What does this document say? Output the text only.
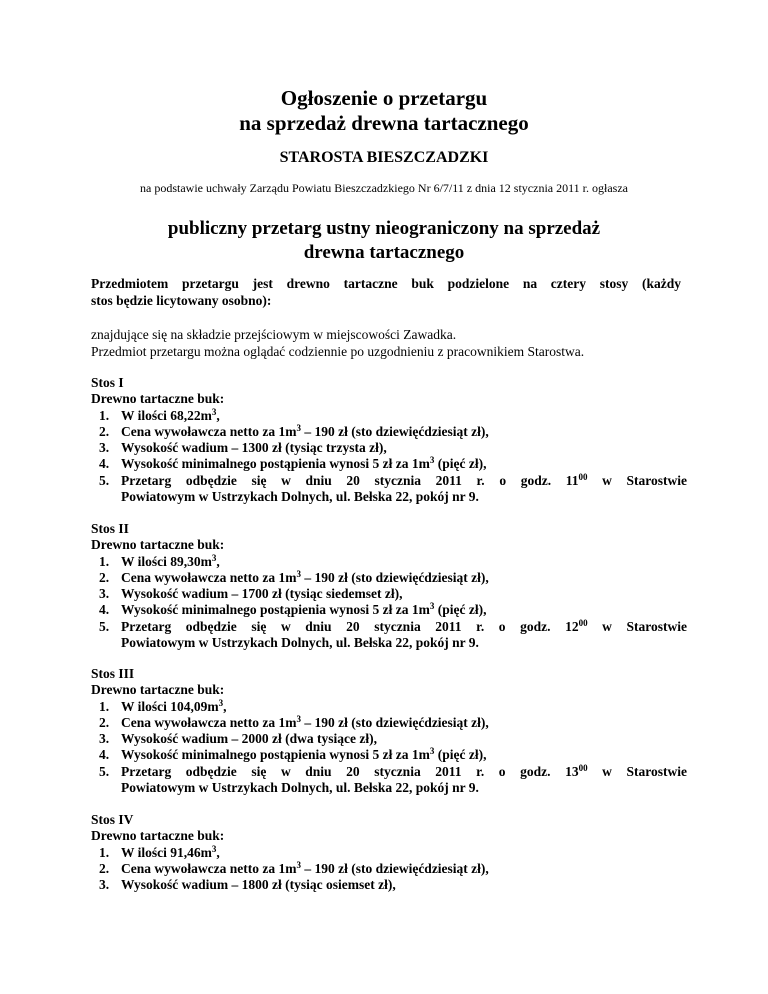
Ogłoszenie o przetargu
na sprzedaż drewna tartacznego
STAROSTA BIESZCZADZKI
na podstawie uchwały Zarządu Powiatu Bieszczadzkiego Nr 6/7/11 z dnia 12 stycznia 2011 r. ogłasza
publiczny przetarg ustny nieograniczony na sprzedaż
drewna tartacznego
Przedmiotem przetargu jest drewno tartaczne buk podzielone na cztery stosy (każdy
stos będzie licytowany osobno):
znajdujące się na składzie przejściowym w miejscowości Zawadka.
Przedmiot przetargu można oglądać codziennie po uzgodnieniu z pracownikiem Starostwa.
Stos I
Drewno tartaczne buk:
1. W ilości $68,22m^3$,
2. Cena wywoławcza netto za $1m^3 - 190$ zł (sto dziewięćdziesiąt zł),
3. Wysokość wadium – 1300 zł (tysiąc trzysta zł),
4. Wysokość minimalnego postąpienia wynosi 5 zł za $1m^3$ (pięć zł),
5. Przetarg odbędzie się w dniu 20 stycznia 2011 r. o godz. $11^{00}$ w Starostwie
Powiatowym w Ustrzykach Dolnych, ul. Bełska 22, pokój nr 9.
Stos II
Drewno tartaczne buk:
1. W ilości $89,30m^3$,
2. Cena wywoławcza netto za $1m^3 - 190$ zł (sto dziewięćdziesiąt zł),
3. Wysokość wadium – 1700 zł (tysiąc siedemset zł),
4. Wysokość minimalnego postąpienia wynosi 5 zł za $1m^3$ (pięć zł),
5. Przetarg odbędzie się w dniu 20 stycznia 2011 r. o godz. $12^{00}$ w Starostwie
Powiatowym w Ustrzykach Dolnych, ul. Bełska 22, pokój nr 9.
Stos III
Drewno tartaczne buk:
1. W ilości $104,09m^3$,
2. Cena wywoławcza netto za $1m^3 - 190$ zł (sto dziewięćdziesiąt zł),
3. Wysokość wadium – 2000 zł (dwa tysiące zł),
4. Wysokość minimalnego postąpienia wynosi 5 zł za $1m^3$ (pięć zł),
5. Przetarg odbędzie się w dniu 20 stycznia 2011 r. o godz. $13^{00}$ w Starostwie
Powiatowym w Ustrzykach Dolnych, ul. Bełska 22, pokój nr 9.
Stos IV
Drewno tartaczne buk:
1. W ilości $91,46m^3$,
2. Cena wywoławcza netto za $1m^3 - 190$ zł (sto dziewięćdziesiąt zł),
3. Wysokość wadium – 1800 zł (tysiąc osiemset zł),
